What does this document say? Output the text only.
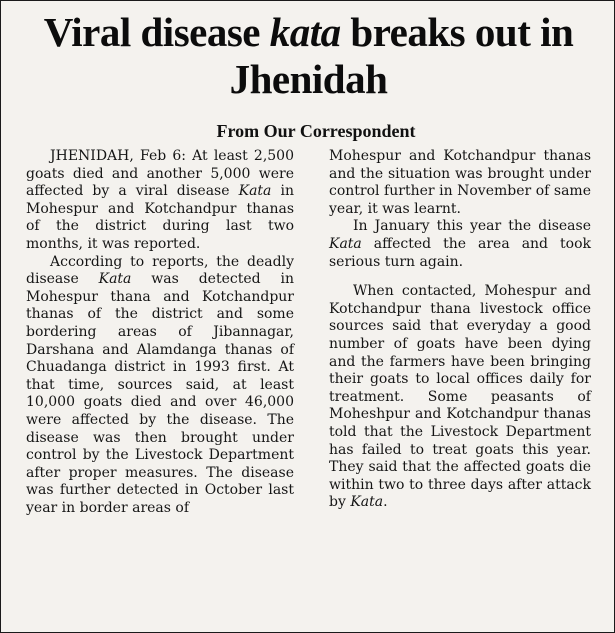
Viral disease kata breaks out in Jhenidah
From Our Correspondent

JHENIDAH, Feb 6: At least 2,500 goats died and another 5,000 were affected by a viral disease Kata in Mohespur and Kotchandpur thanas of the district during last two months, it was reported.

According to reports, the deadly disease Kata was detected in Mohespur thana and Kotchandpur thanas of the district and some bordering areas of Jibannagar, Darshana and Alamdanga thanas of Chuadanga district in 1993 first. At that time, sources said, at least 10,000 goats died and over 46,000 were affected by the disease. The disease was then brought under control by the Livestock Department after proper measures. The disease was further detected in October last year in border areas of

Mohespur and Kotchandpur thanas and the situation was brought under control further in November of same year, it was learnt.

In January this year the disease Kata affected the area and took serious turn again.

When contacted, Mohespur and Kotchandpur thana livestock office sources said that everyday a good number of goats have been dying and the farmers have been bringing their goats to local offices daily for treatment. Some peasants of Moheshpur and Kotchandpur thanas told that the Livestock Department has failed to treat goats this year. They said that the affected goats die within two to three days after attack by Kata.
